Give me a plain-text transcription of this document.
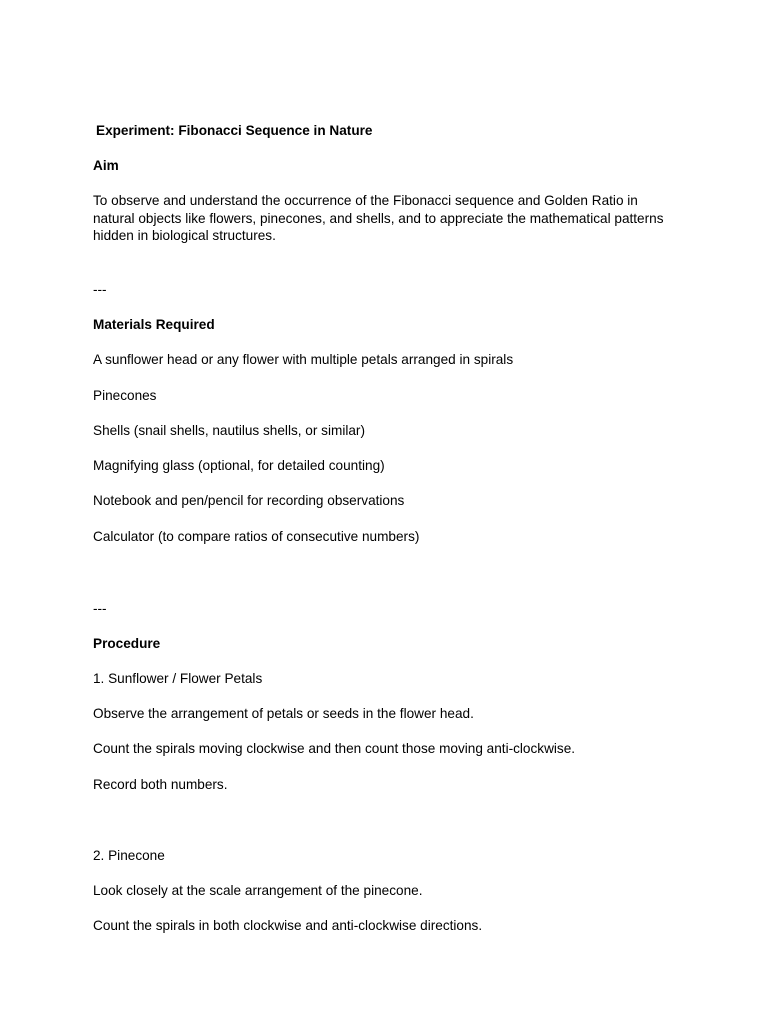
Experiment: Fibonacci Sequence in Nature
Aim
To observe and understand the occurrence of the Fibonacci sequence and Golden Ratio in natural objects like flowers, pinecones, and shells, and to appreciate the mathematical patterns hidden in biological structures.
---
Materials Required
A sunflower head or any flower with multiple petals arranged in spirals
Pinecones
Shells (snail shells, nautilus shells, or similar)
Magnifying glass (optional, for detailed counting)
Notebook and pen/pencil for recording observations
Calculator (to compare ratios of consecutive numbers)
---
Procedure
1. Sunflower / Flower Petals
Observe the arrangement of petals or seeds in the flower head.
Count the spirals moving clockwise and then count those moving anti-clockwise.
Record both numbers.
2. Pinecone
Look closely at the scale arrangement of the pinecone.
Count the spirals in both clockwise and anti-clockwise directions.
